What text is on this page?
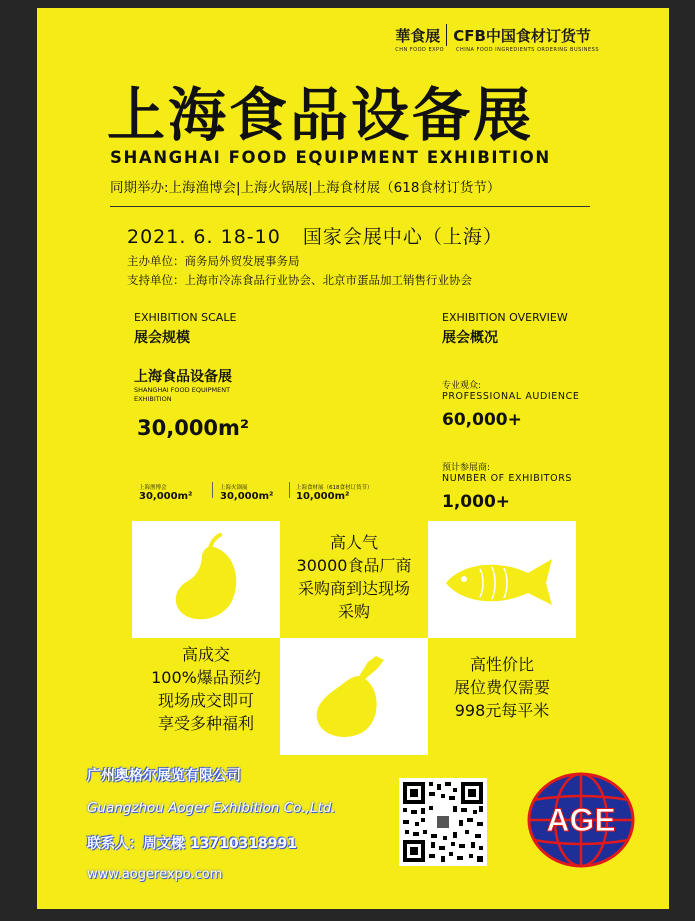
華食展 CFB中国食材订货节
CHN FOOD EXPO CHINA FOOD INGREDIENTS ORDERING BUSINESS
上海食品设备展
SHANGHAI FOOD EQUIPMENT EXHIBITION
同期举办:上海渔博会|上海火锅展|上海食材展（618食材订货节）
2021. 6. 18-10 国家会展中心（上海）
主办单位：商务局外贸发展事务局
支持单位：上海市冷冻食品行业协会、北京市蛋品加工销售行业协会
EXHIBITION SCALE
展会规模
上海食品设备展
SHANGHAI FOOD EQUIPMENT EXHIBITION
30,000m²
上海渔博会
30,000m²
上海火锅展
30,000m²
上海食材展（618食材订货节）
10,000m²
EXHIBITION OVERVIEW
展会概况
专业观众:
PROFESSIONAL AUDIENCE
60,000+
预计参展商:
NUMBER OF EXHIBITORS
1,000+
高人气
30000食品厂商
采购商到达现场
采购
高成交
100%爆品预约
现场成交即可
享受多种福利
高性价比
展位费仅需要
998元每平米
广州奥格尔展览有限公司
Guangzhou Aoger Exhibition Co.,Ltd.
联系人：周文樑 13710318991
www.aogerexpo.com
AGE
